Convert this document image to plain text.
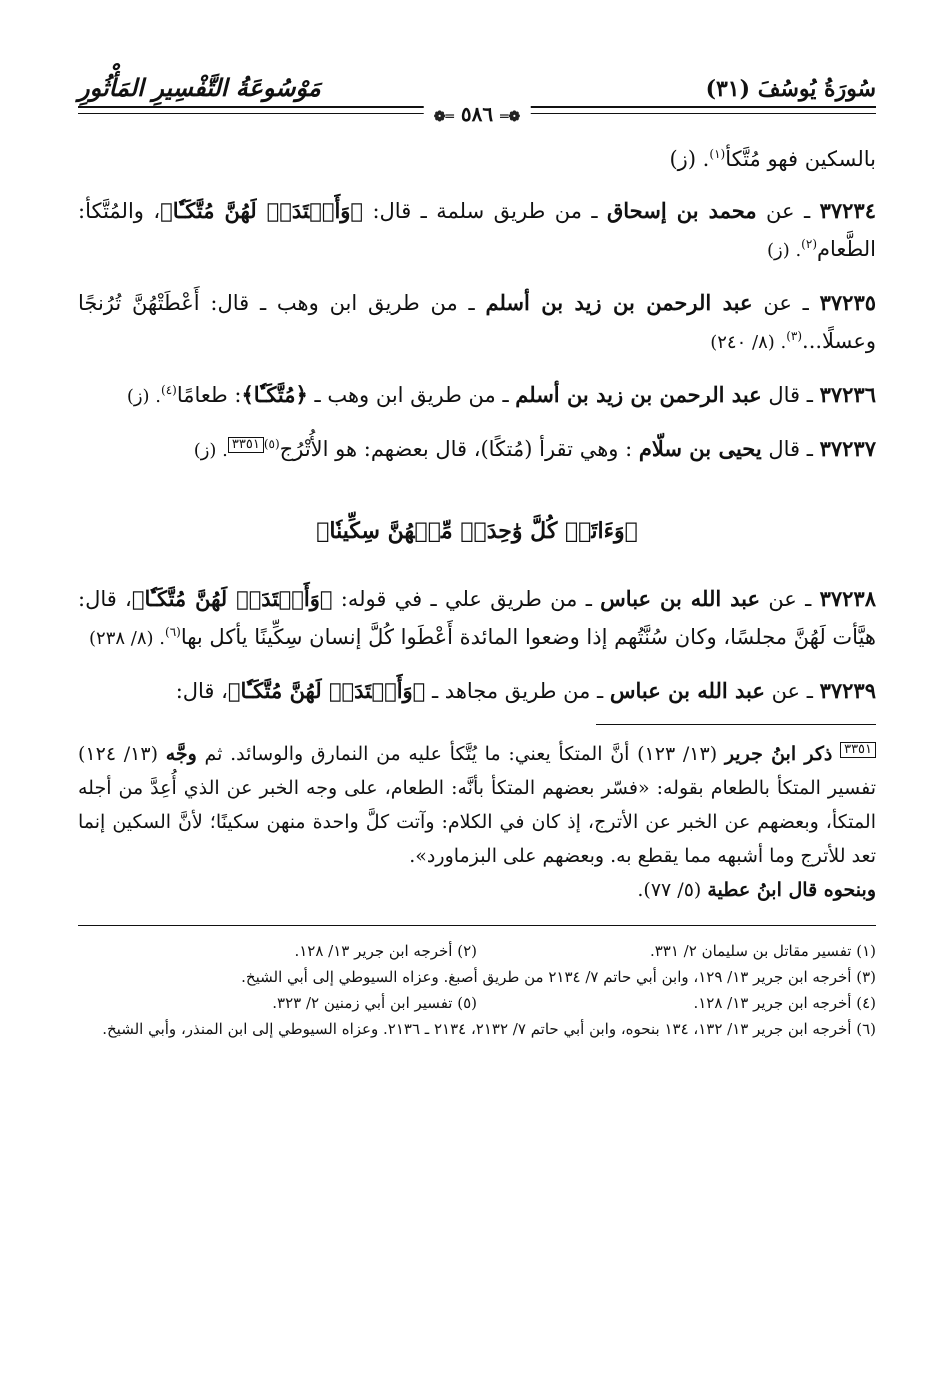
سُورَةُ يُوسُفَ (٣١)
مَوْسُوعَةُ التَّفْسِيرِ المَأْثُورِ
❁═ ٥٨٦ ═❁

بالسكين فهو مُتَّكأ$^{(١)}$. (ز)

٣٧٢٣٤ ـ عن محمد بن إسحاق ـ من طريق سلمة ـ قال: ﴿وَأَعۡتَدَتۡ لَهُنَّ مُتَّكَـٔٗا﴾، والمُتَّكأ: الطَّعام$^{(٢)}$. (ز)

٣٧٢٣٥ ـ عن عبد الرحمن بن زيد بن أسلم ـ من طريق ابن وهب ـ قال: أَعْطَتْهُنَّ تُرُنجًا وعسلًا...$^{(٣)}$. (٨/ ٢٤٠)

٣٧٢٣٦ ـ قال عبد الرحمن بن زيد بن أسلم ـ من طريق ابن وهب ـ ﴿مُتَّكَـٔٗا﴾: طعامًا$^{(٤)}$. (ز)

٣٧٢٣٧ ـ قال يحيى بن سلّام : وهي تقرأ (مُتكًا)، قال بعضهم: هو الأُتْرُج$^{(٥)}$٣٣٥١. (ز)

﴿وَءَاتَتۡ كُلَّ وَٰحِدَةٖ مِّنۡهُنَّ سِكِّينٗا﴾

٣٧٢٣٨ ـ عن عبد الله بن عباس ـ من طريق علي ـ في قوله: ﴿وَأَعۡتَدَتۡ لَهُنَّ مُتَّكَـٔٗا﴾، قال: هيَّأت لَهُنَّ مجلسًا، وكان سُنَّتُهم إذا وضعوا المائدة أَعْطَوا كُلَّ إنسان سِكِّينًا يأكل بها$^{(٦)}$. (٨/ ٢٣٨)

٣٧٢٣٩ ـ عن عبد الله بن عباس ـ من طريق مجاهد ـ ﴿وَأَعۡتَدَتۡ لَهُنَّ مُتَّكَـٔٗا﴾، قال:

٣٣٥١ ذكر ابنُ جرير (١٣/ ١٢٣) أنَّ المتكأ يعني: ما يُتَّكأ عليه من النمارق والوسائد. ثم وجَّه (١٣/ ١٢٤) تفسير المتكأ بالطعام بقوله: «فسّر بعضهم المتكأ بأنَّه: الطعام، على وجه الخبر عن الذي أُعِدَّ من أجله المتكأ، وبعضهم عن الخبر عن الأترج، إذ كان في الكلام: وآتت كلَّ واحدة منهن سكينًا؛ لأنَّ السكين إنما تعد للأترج وما أشبهه مما يقطع به. وبعضهم على البزماورد».

وبنحوه قال ابنُ عطية (٥/ ٧٧).

(١) تفسير مقاتل بن سليمان ٢/ ٣٣١.
(٢) أخرجه ابن جرير ١٣/ ١٢٨.
(٣) أخرجه ابن جرير ١٣/ ١٢٩، وابن أبي حاتم ٧/ ٢١٣٤ من طريق أصبغ. وعزاه السيوطي إلى أبي الشيخ.
(٤) أخرجه ابن جرير ١٣/ ١٢٨.
(٥) تفسير ابن أبي زمنين ٢/ ٣٢٣.
(٦) أخرجه ابن جرير ١٣/ ١٣٢، ١٣٤ بنحوه، وابن أبي حاتم ٧/ ٢١٣٢، ٢١٣٤ ـ ٢١٣٦. وعزاه السيوطي إلى ابن المنذر، وأبي الشيخ.
